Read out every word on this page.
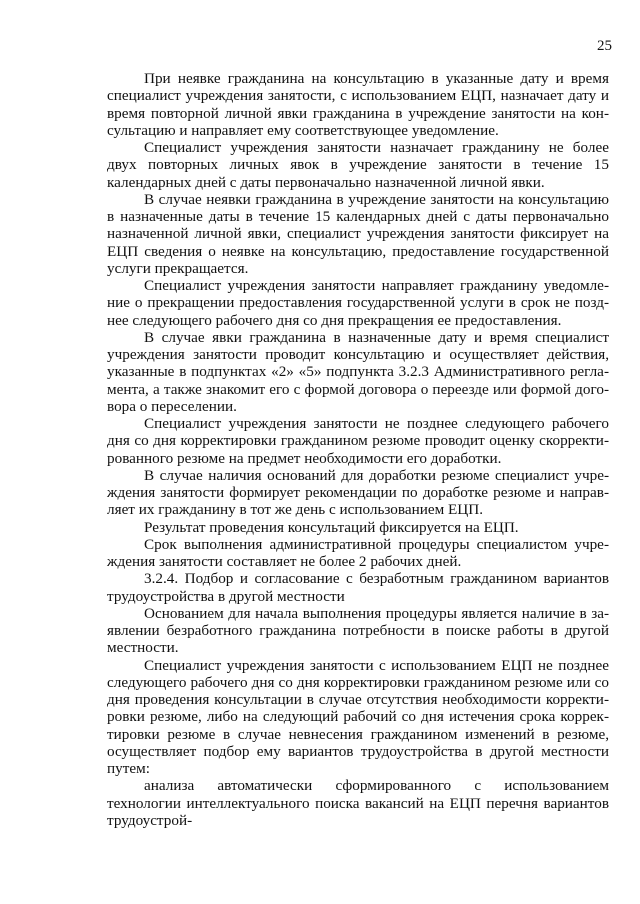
25

При неявке гражданина на консультацию в указанные дату и время специалист учреждения занятости, с использованием ЕЦП, назначает дату и время повторной личной явки гражданина в учреждение занятости на консультацию и направляет ему соответствующее уведомление.

Специалист учреждения занятости назначает гражданину не более двух повторных личных явок в учреждение занятости в течение 15 календарных дней с даты первоначально назначенной личной явки.

В случае неявки гражданина в учреждение занятости на консультацию в назначенные даты в течение 15 календарных дней с даты первоначально назначенной личной явки, специалист учреждения занятости фиксирует на ЕЦП сведения о неявке на консультацию, предоставление государственной услуги прекращается.

Специалист учреждения занятости направляет гражданину уведомление о прекращении предоставления государственной услуги в срок не позднее следующего рабочего дня со дня прекращения ее предоставления.

В случае явки гражданина в назначенные дату и время специалист учреждения занятости проводит консультацию и осуществляет действия, указанные в подпунктах «2» «5» подпункта 3.2.3 Административного регламента, а также знакомит его с формой договора о переезде или формой договора о переселении.

Специалист учреждения занятости не позднее следующего рабочего дня со дня корректировки гражданином резюме проводит оценку скорректированного резюме на предмет необходимости его доработки.

В случае наличия оснований для доработки резюме специалист учреждения занятости формирует рекомендации по доработке резюме и направляет их гражданину в тот же день с использованием ЕЦП.

Результат проведения консультаций фиксируется на ЕЦП.

Срок выполнения административной процедуры специалистом учреждения занятости составляет не более 2 рабочих дней.

3.2.4. Подбор и согласование с безработным гражданином вариантов трудоустройства в другой местности

Основанием для начала выполнения процедуры является наличие в заявлении безработного гражданина потребности в поиске работы в другой местности.

Специалист учреждения занятости с использованием ЕЦП не позднее следующего рабочего дня со дня корректировки гражданином резюме или со дня проведения консультации в случае отсутствия необходимости корректировки резюме, либо на следующий рабочий со дня истечения срока корректировки резюме в случае невнесения гражданином изменений в резюме, осуществляет подбор ему вариантов трудоустройства в другой местности путем:

анализа автоматически сформированного с использованием технологии интеллектуального поиска вакансий на ЕЦП перечня вариантов трудоустрой-
